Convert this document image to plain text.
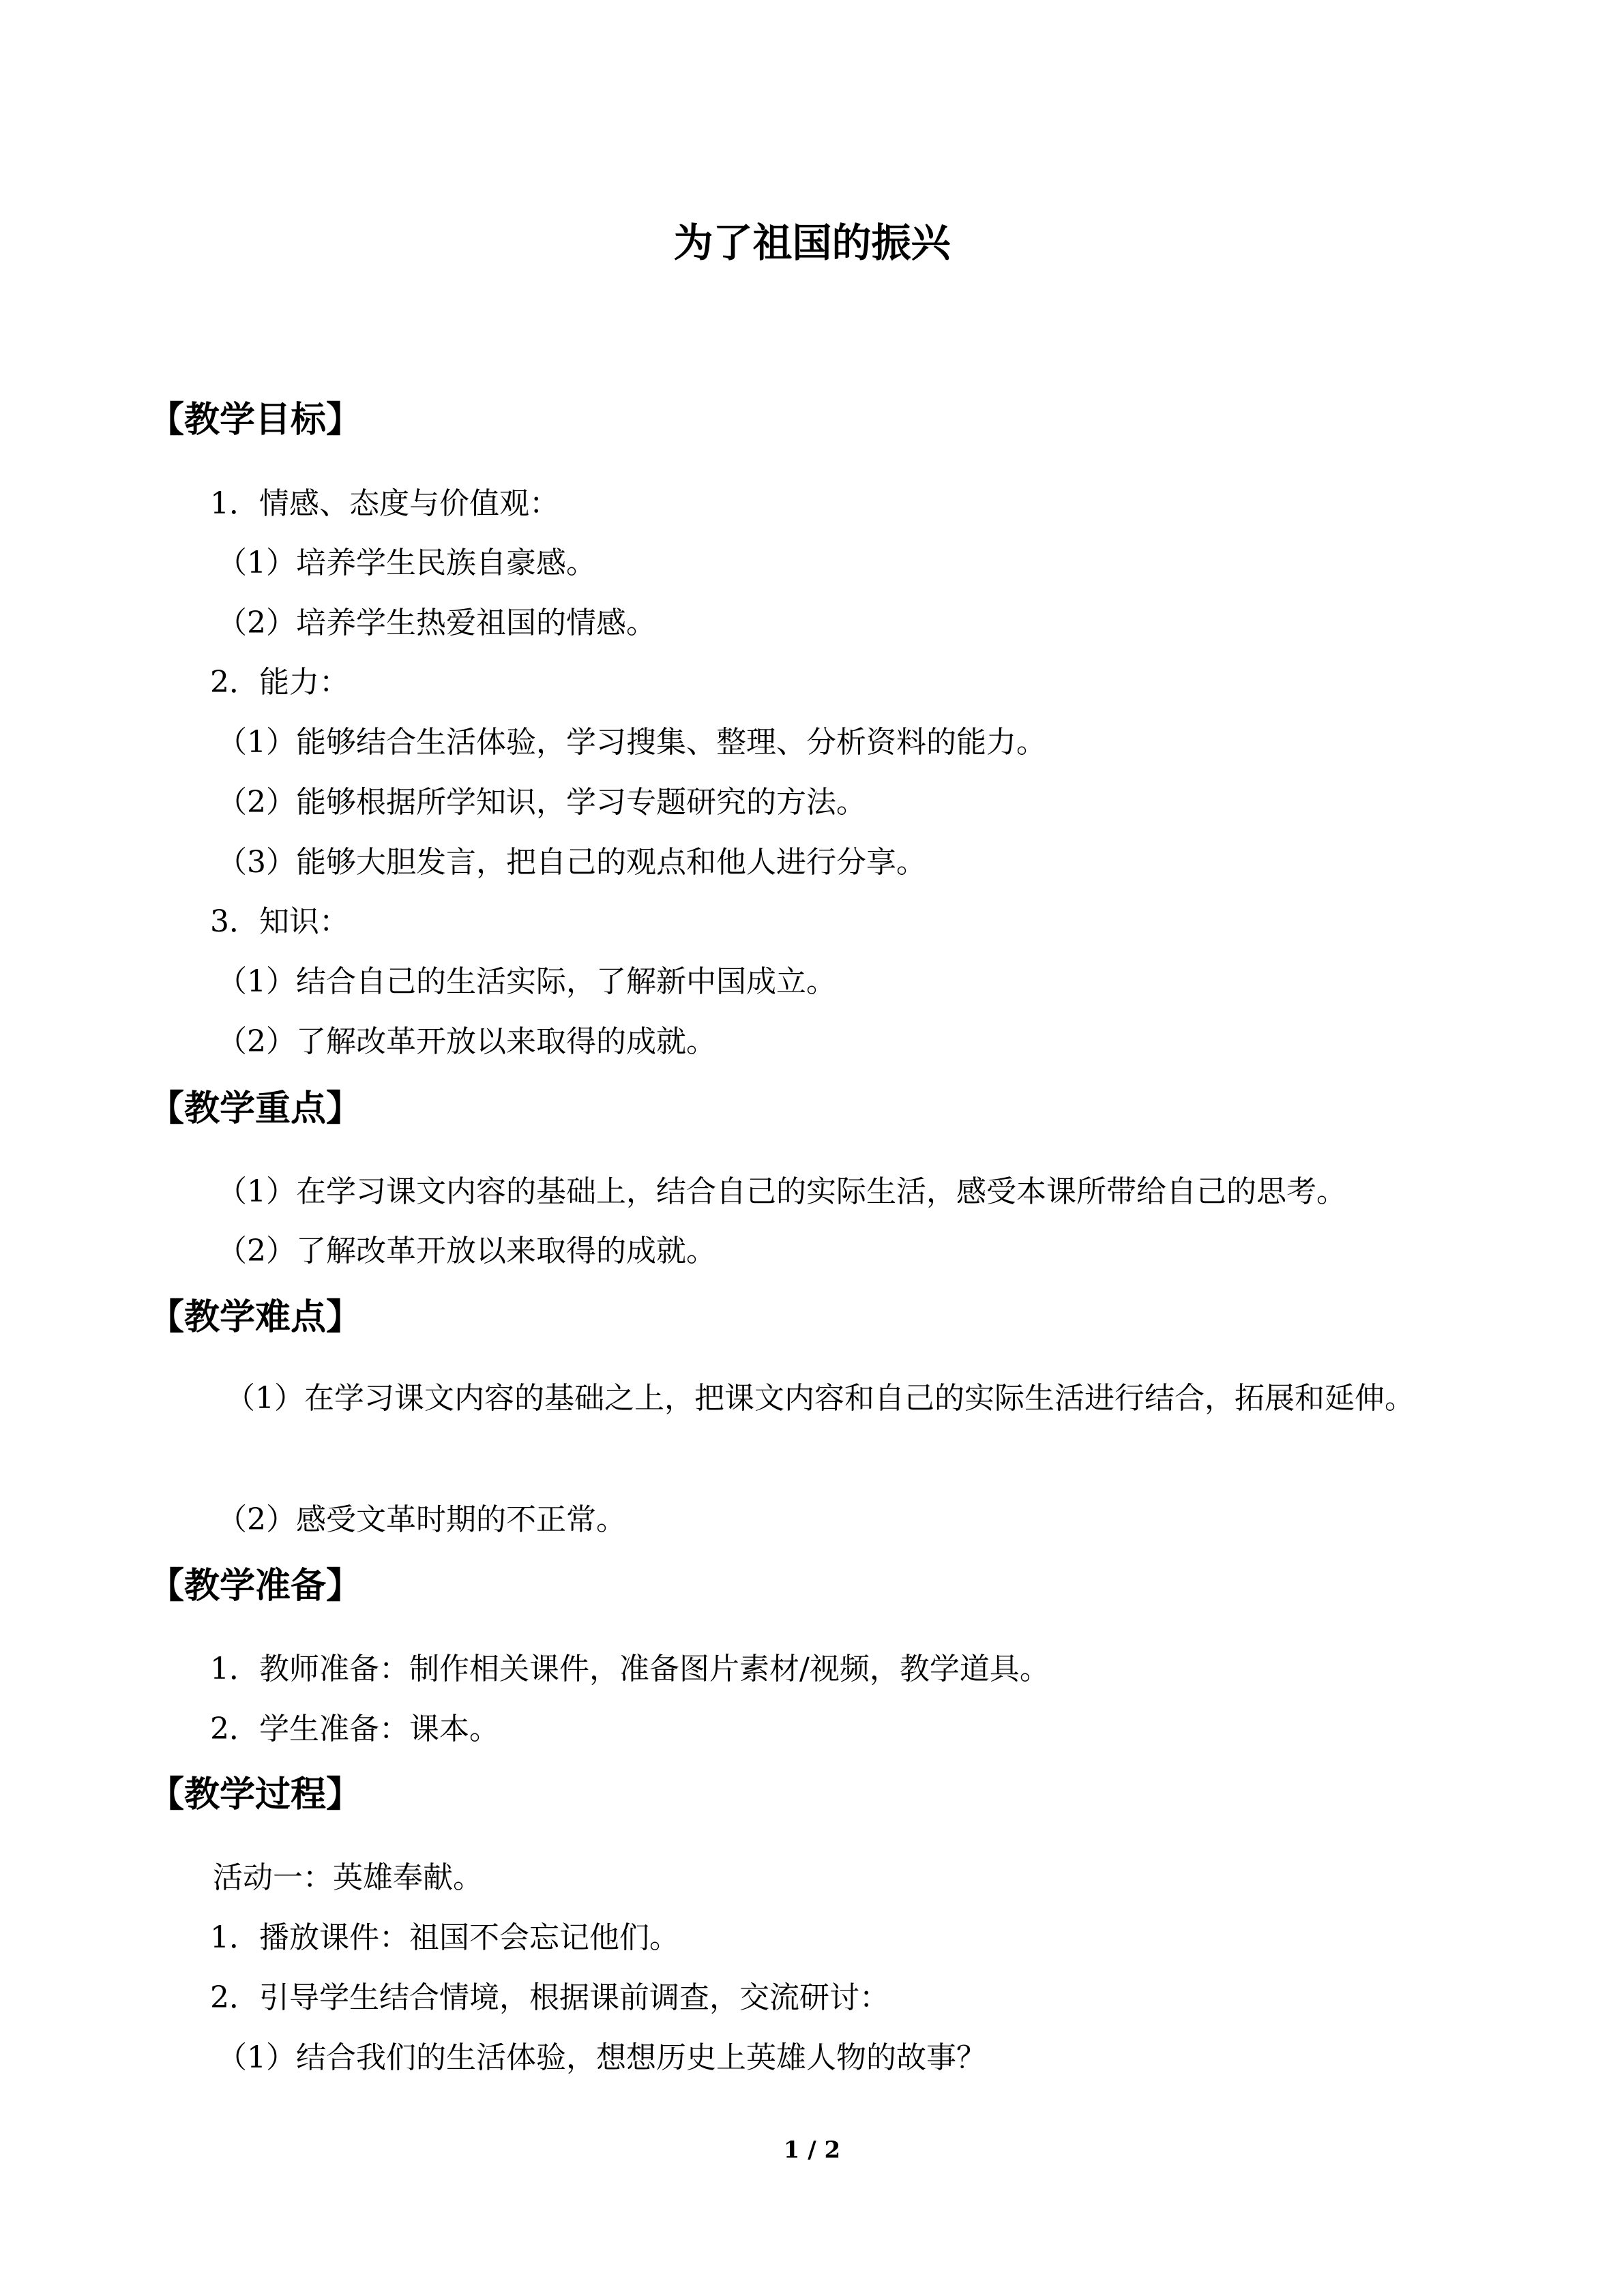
为了祖国的振兴
【教学目标】

1．情感、态度与价值观：

（1）培养学生民族自豪感。

（2）培养学生热爱祖国的情感。

2．能力：

（1）能够结合生活体验，学习搜集、整理、分析资料的能力。

（2）能够根据所学知识，学习专题研究的方法。

（3）能够大胆发言，把自己的观点和他人进行分享。

3．知识：

（1）结合自己的生活实际，了解新中国成立。

（2）了解改革开放以来取得的成就。

【教学重点】

（1）在学习课文内容的基础上，结合自己的实际生活，感受本课所带给自己的思考。

（2）了解改革开放以来取得的成就。

【教学难点】

（1）在学习课文内容的基础之上，把课文内容和自己的实际生活进行结合，拓展和延伸。

（2）感受文革时期的不正常。

【教学准备】

1．教师准备：制作相关课件，准备图片素材/视频，教学道具。

2．学生准备：课本。

【教学过程】

活动一：英雄奉献。

1．播放课件：祖国不会忘记他们。

2．引导学生结合情境，根据课前调查，交流研讨：

（1）结合我们的生活体验，想想历史上英雄人物的故事？

1 / 2
